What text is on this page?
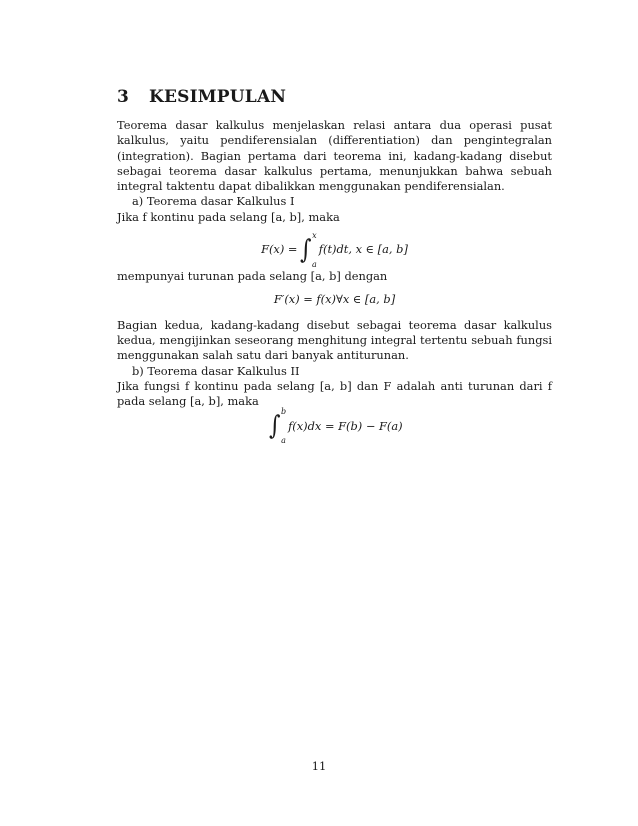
3 KESIMPULAN

Teorema dasar kalkulus menjelaskan relasi antara dua operasi pusat kalkulus, yaitu pendiferensialan (differentiation) dan pengintegralan (integration). Bagian pertama dari teorema ini, kadang-kadang disebut sebagai teorema dasar kalkulus pertama, menunjukkan bahwa sebuah integral taktentu dapat dibalikkan menggunakan pendiferensialan.

a) Teorema dasar Kalkulus I

Jika f kontinu pada selang [a, b], maka

F(x) = ∫ x
a
f(t)dt, x ∈ [a, b]

mempunyai turunan pada selang [a, b] dengan

F′(x) = f(x)∀x ∈ [a, b]

Bagian kedua, kadang-kadang disebut sebagai teorema dasar kalkulus kedua, mengijinkan seseorang menghitung integral tertentu sebuah fungsi menggunakan salah satu dari banyak antiturunan.

b) Teorema dasar Kalkulus II

Jika fungsi f kontinu pada selang [a, b] dan F adalah anti turunan dari f pada selang [a, b], maka

∫ b
a
f(x)dx = F(b) − F(a)
11
